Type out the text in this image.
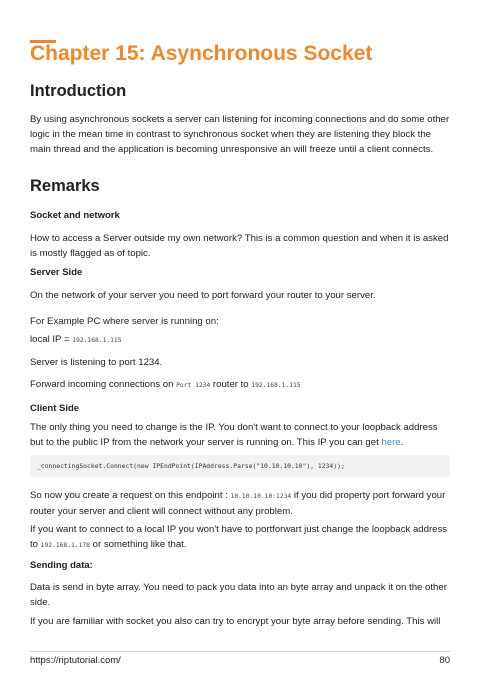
Chapter 15: Asynchronous Socket
Introduction

By using asynchronous sockets a server can listening for incoming connections and do some other logic in the mean time in contrast to synchronous socket when they are listening they block the main thread and the application is becoming unresponsive an will freeze until a client connects.

Remarks
Socket and network

How to access a Server outside my own network? This is a common question and when it is asked is mostly flagged as of topic.

Server Side

On the network of your server you need to port forward your router to your server.

For Example PC where server is running on:

local IP = 192.168.1.115

Server is listening to port 1234.

Forward incoming connections on Port 1234 router to 192.168.1.115

Client Side

The only thing you need to change is the IP. You don't want to connect to your loopback address but to the public IP from the network your server is running on. This IP you can get here.

_connectingSocket.Connect(new IPEndPoint(IPAddress.Parse("10.10.10.10"), 1234));

So now you create a request on this endpoint : 10.10.10.10:1234 if you did property port forward your router your server and client will connect without any problem.

If you want to connect to a local IP you won't have to portforwart just change the loopback address to 192.168.1.178 or something like that.

Sending data:

Data is send in byte array. You need to pack you data into an byte array and unpack it on the other side.

If you are familiar with socket you also can try to encrypt your byte array before sending. This will

https://riptutorial.com/	80
